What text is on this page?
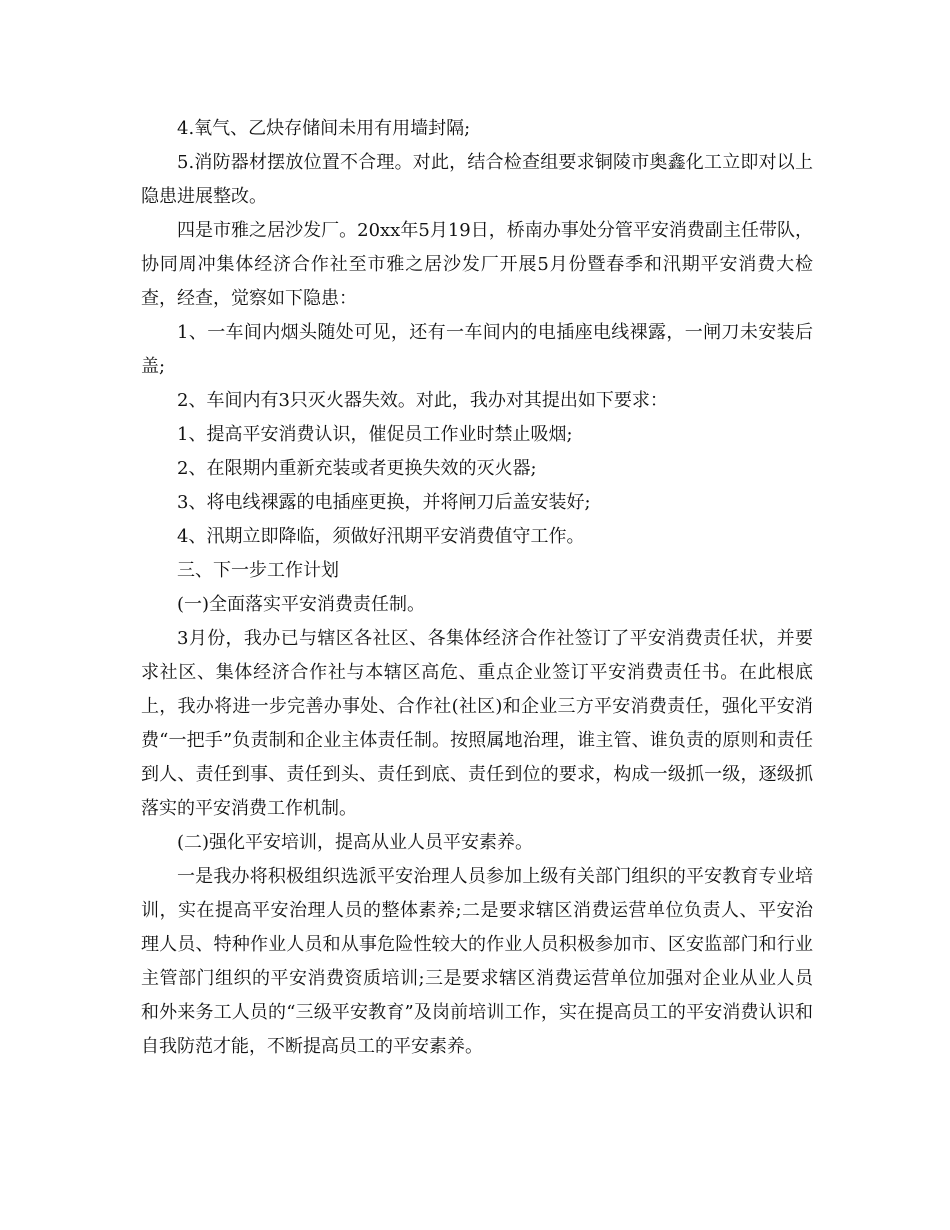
4.氧气、乙炔存储间未用有用墙封隔;

5.消防器材摆放位置不合理。对此，结合检查组要求铜陵市奥鑫化工立即对以上隐患进展整改。

四是市雅之居沙发厂。20xx年5月19日，桥南办事处分管平安消费副主任带队，协同周冲集体经济合作社至市雅之居沙发厂开展5月份暨春季和汛期平安消费大检查，经查，觉察如下隐患：

1、一车间内烟头随处可见，还有一车间内的电插座电线裸露，一闸刀未安装后盖;

2、车间内有3只灭火器失效。对此，我办对其提出如下要求：

1、提高平安消费认识，催促员工作业时禁止吸烟;

2、在限期内重新充装或者更换失效的灭火器;

3、将电线裸露的电插座更换，并将闸刀后盖安装好;

4、汛期立即降临，须做好汛期平安消费值守工作。

三、下一步工作计划

(一)全面落实平安消费责任制。

3月份，我办已与辖区各社区、各集体经济合作社签订了平安消费责任状，并要求社区、集体经济合作社与本辖区高危、重点企业签订平安消费责任书。在此根底上，我办将进一步完善办事处、合作社(社区)和企业三方平安消费责任，强化平安消费“一把手”负责制和企业主体责任制。按照属地治理，谁主管、谁负责的原则和责任到人、责任到事、责任到头、责任到底、责任到位的要求，构成一级抓一级，逐级抓落实的平安消费工作机制。

(二)强化平安培训，提高从业人员平安素养。

一是我办将积极组织选派平安治理人员参加上级有关部门组织的平安教育专业培训，实在提高平安治理人员的整体素养;二是要求辖区消费运营单位负责人、平安治理人员、特种作业人员和从事危险性较大的作业人员积极参加市、区安监部门和行业主管部门组织的平安消费资质培训;三是要求辖区消费运营单位加强对企业从业人员和外来务工人员的“三级平安教育”及岗前培训工作，实在提高员工的平安消费认识和自我防范才能，不断提高员工的平安素养。
